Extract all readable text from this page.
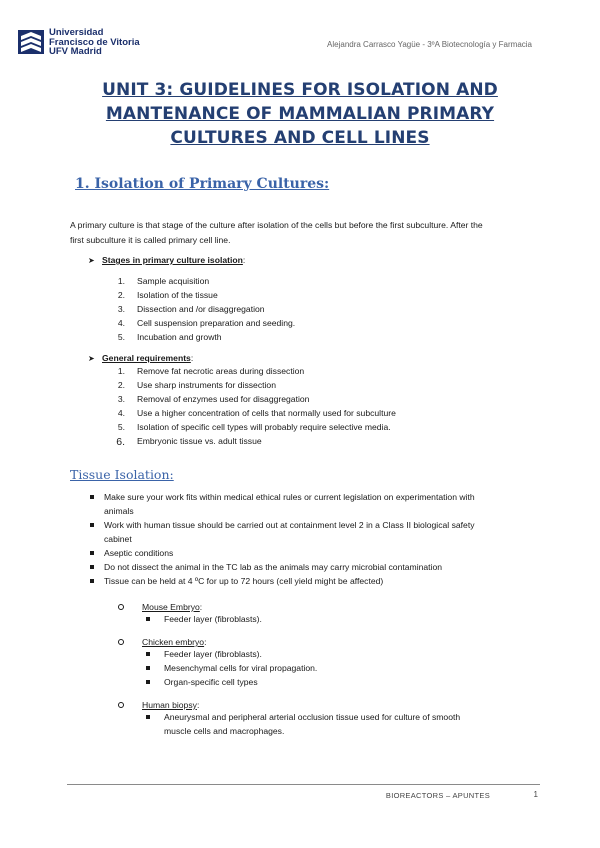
Universidad
Francisco de Vitoria
UFV Madrid
Alejandra Carrasco Yagüe - 3ºA Biotecnología y Farmacia
UNIT 3: GUIDELINES FOR ISOLATION AND
MANTENANCE OF MAMMALIAN PRIMARY
CULTURES AND CELL LINES
1. Isolation of Primary Cultures:
A primary culture is that stage of the culture after isolation of the cells but before the first subculture. After the
first subculture it is called primary cell line.
➤ Stages in primary culture isolation:
1. Sample acquisition
2. Isolation of the tissue
3. Dissection and /or disaggregation
4. Cell suspension preparation and seeding.
5. Incubation and growth
➤ General requirements:
1. Remove fat necrotic areas during dissection
2. Use sharp instruments for dissection
3. Removal of enzymes used for disaggregation
4. Use a higher concentration of cells that normally used for subculture
5. Isolation of specific cell types will probably require selective media.
6. Embryonic tissue vs. adult tissue
Tissue Isolation:
Make sure your work fits within medical ethical rules or current legislation on experimentation with
animals
Work with human tissue should be carried out at containment level 2 in a Class II biological safety
cabinet
Aseptic conditions
Do not dissect the animal in the TC lab as the animals may carry microbial contamination
Tissue can be held at 4 ºC for up to 72 hours (cell yield might be affected)
Mouse Embryo:
Feeder layer (fibroblasts).
Chicken embryo:
Feeder layer (fibroblasts).
Mesenchymal cells for viral propagation.
Organ-specific cell types
Human biopsy:
Aneurysmal and peripheral arterial occlusion tissue used for culture of smooth
muscle cells and macrophages.
BIOREACTORS – APUNTES	1
